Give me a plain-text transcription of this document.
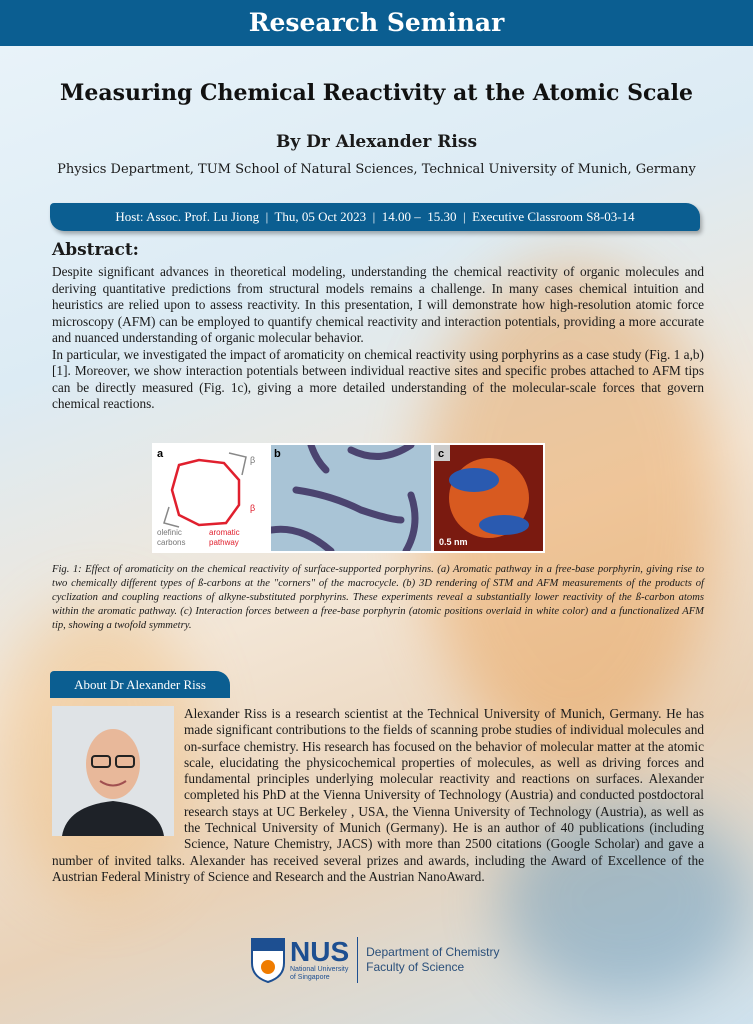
Research Seminar
Measuring Chemical Reactivity at the Atomic Scale
By Dr Alexander Riss
Physics Department, TUM School of Natural Sciences, Technical University of Munich, Germany
Host: Assoc. Prof. Lu Jiong  |  Thu, 05 Oct 2023  |  14.00 –  15.30  |  Executive Classroom S8-03-14
Abstract:

Despite significant advances in theoretical modeling, understanding the chemical reactivity of organic molecules and deriving quantitative predictions from structural models remains a challenge. In many cases chemical intuition and heuristics are relied upon to assess reactivity. In this presentation, I will demonstrate how high-resolution atomic force microscopy (AFM) can be employed to quantify chemical reactivity and interaction potentials, providing a more accurate and nuanced understanding of organic molecular behavior.

In particular, we investigated the impact of aromaticity on chemical reactivity using porphyrins as a case study (Fig. 1 a,b) [1]. Moreover, we show interaction potentials between individual reactive sites and specific probes attached to AFM tips can be directly measured (Fig. 1c), giving a more detailed understanding of the molecular-scale forces that govern chemical reactions.

a	β
β
olefinic
carbons
aromatic
pathway
b	c
0.5 nm
Fig. 1: Effect of aromaticity on the chemical reactivity of surface-supported porphyrins. (a) Aromatic pathway in a free-base porphyrin, giving rise to two chemically different types of ß-carbons at the "corners" of the macrocycle. (b) 3D rendering of STM and AFM measurements of the products of cyclization and coupling reactions of alkyne-substituted porphyrins. These experiments reveal a substantially lower reactivity of the ß-carbon atoms within the aromatic pathway. (c) Interaction forces between a free-base porphyrin (atomic positions overlaid in white color) and a functionalized AFM tip, showing a twofold symmetry.
About Dr Alexander Riss
Alexander Riss is a research scientist at the Technical University of Munich, Germany. He has made significant contributions to the fields of scanning probe studies of individual molecules and on-surface chemistry. His research has focused on the behavior of molecular matter at the atomic scale, elucidating the physicochemical properties of molecules, as well as driving forces and fundamental principles underlying molecular reactivity and reactions on surfaces. Alexander completed his PhD at the Vienna University of Technology (Austria) and conducted postdoctoral research stays at UC Berkeley , USA, the Vienna University of Technology (Austria), as well as the Technical University of Munich (Germany). He is an author of 40 publications (including Science, Nature Chemistry, JACS) with more than 2500 citations (Google Scholar) and gave a number of invited talks. Alexander has received several prizes and awards, including the Award of Excellence of the Austrian Federal Ministry of Science and Research and the Austrian NanoAward.
NUS
National University
of Singapore
Department of Chemistry
Faculty of Science
